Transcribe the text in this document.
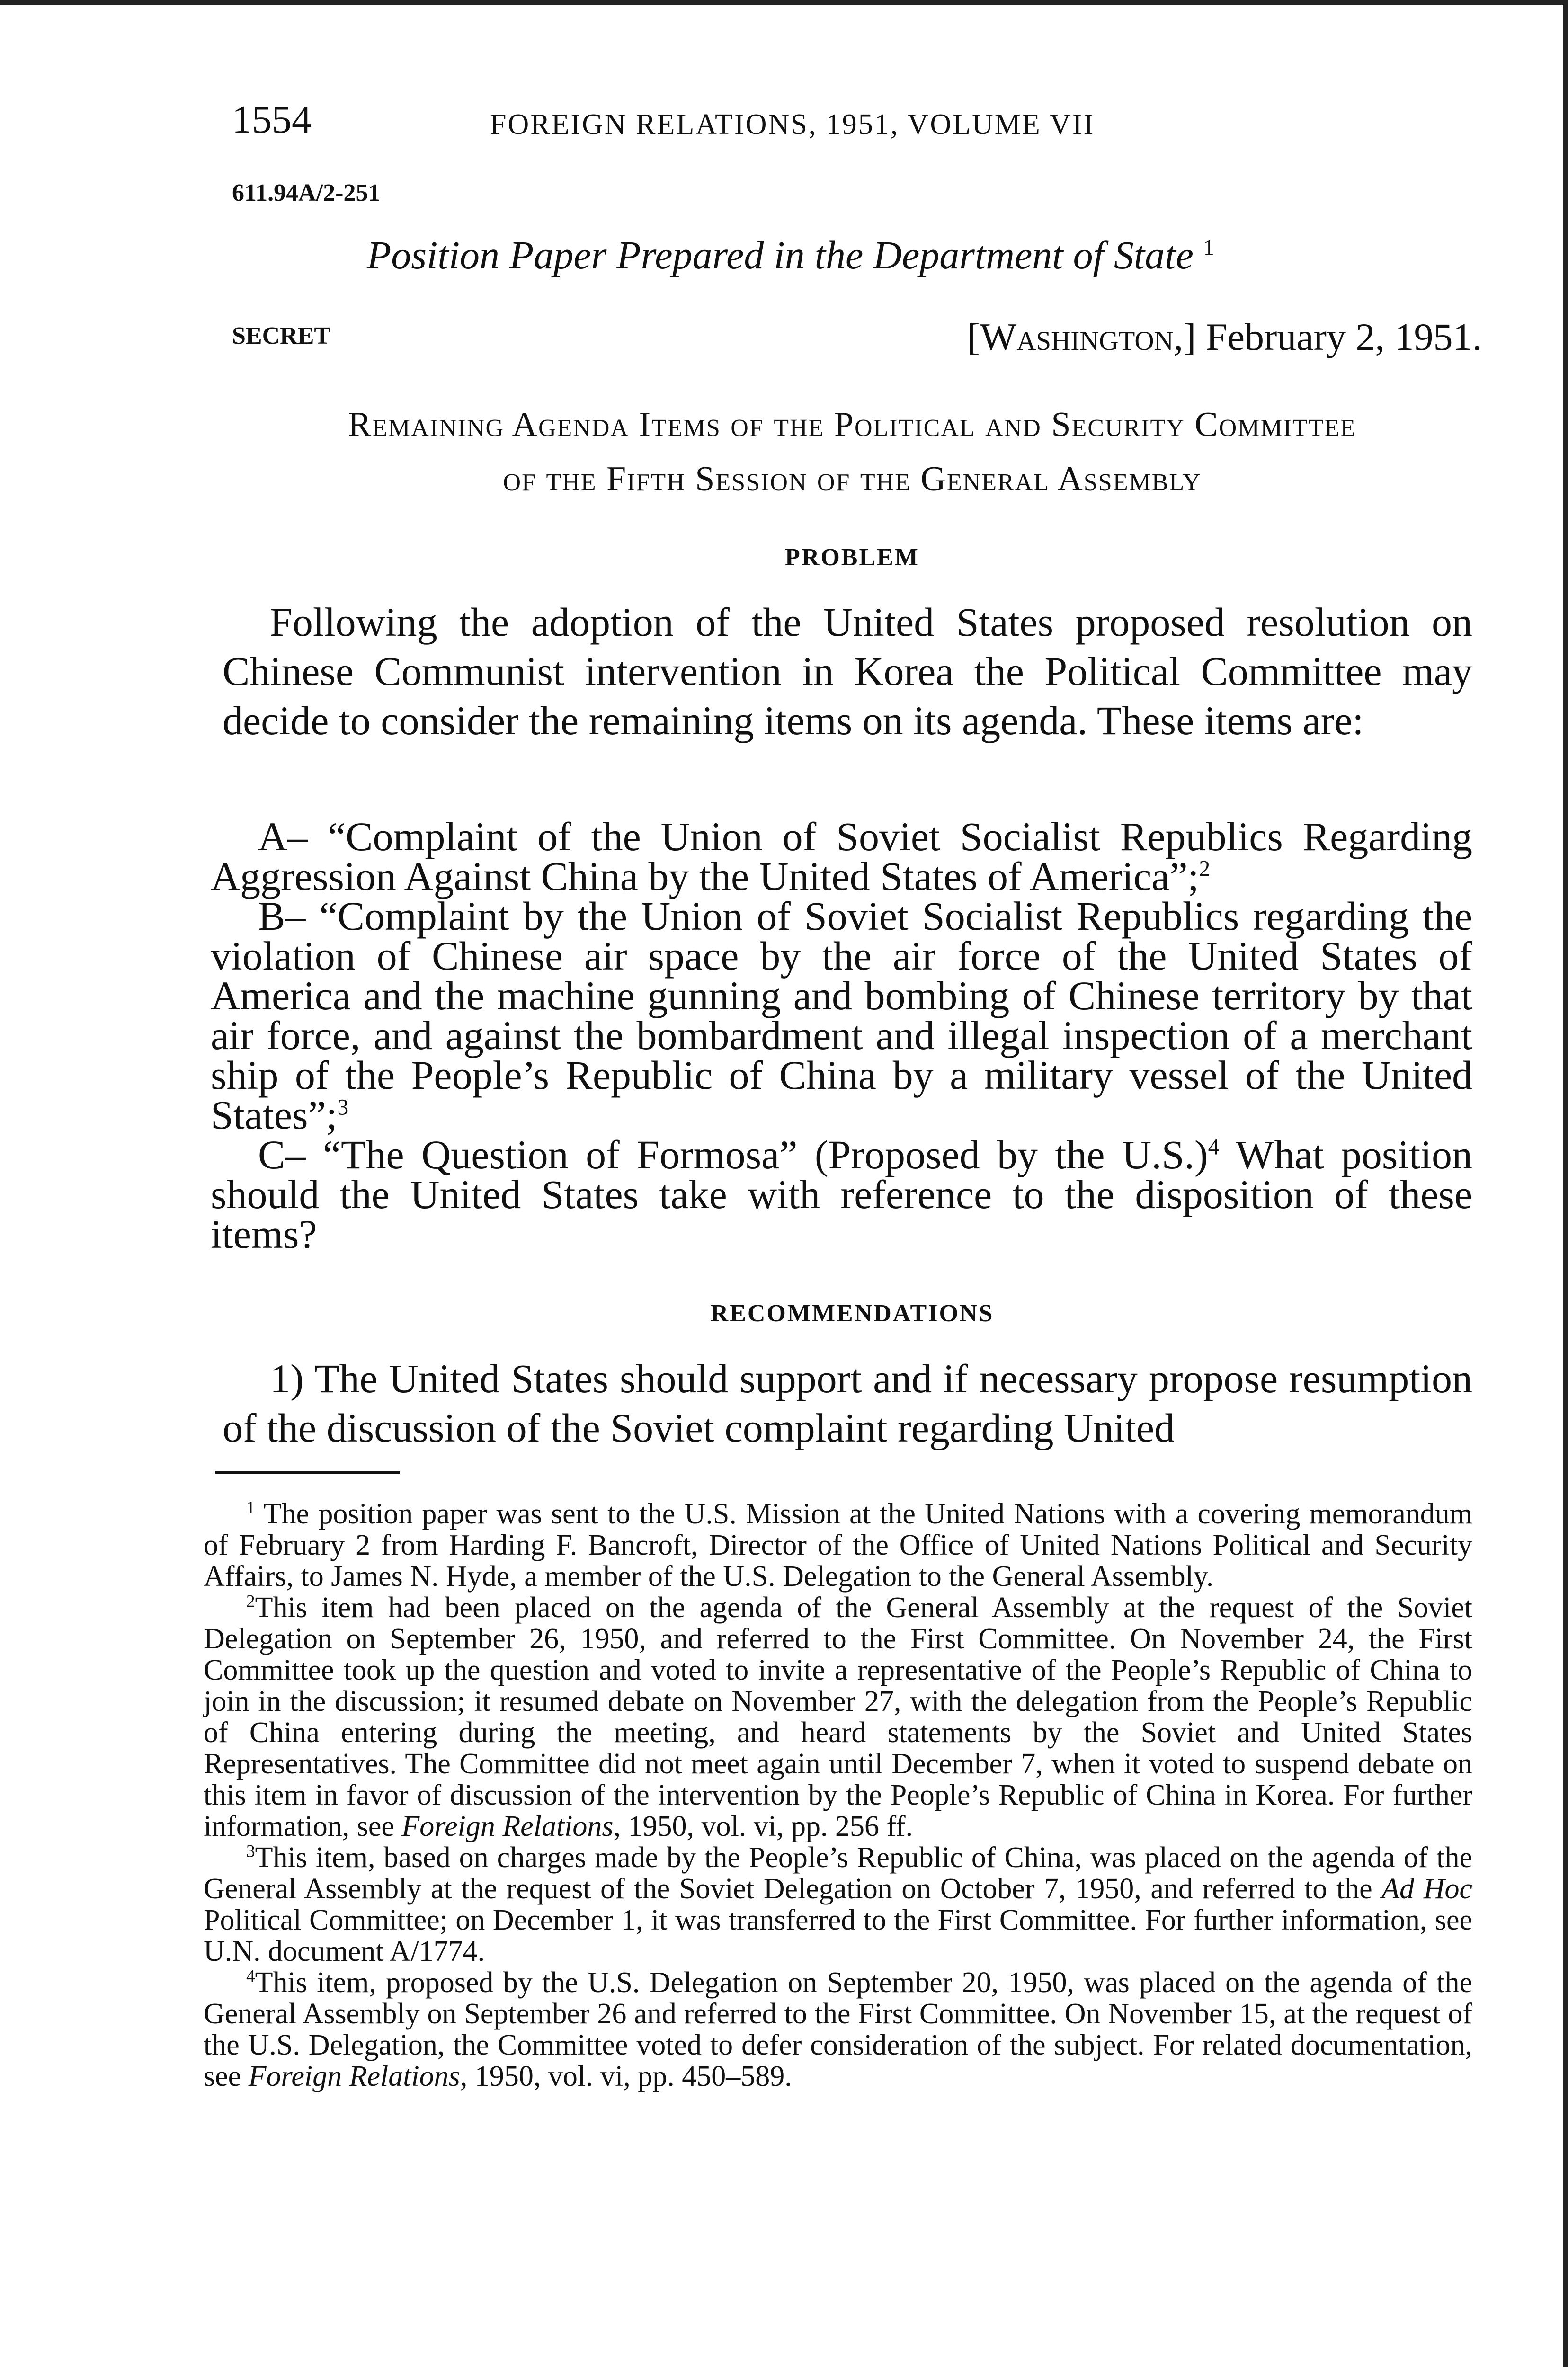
1554	FOREIGN RELATIONS, 1951, VOLUME VII
611.94A/2-251
Position Paper Prepared in the Department of State $^1$
SECRET	[Washington,] February 2, 1951.
Remaining Agenda Items of the Political and Security Committee
of the Fifth Session of the General Assembly
PROBLEM
Following the adoption of the United States proposed resolution on Chinese Communist intervention in Korea the Political Committee may decide to consider the remaining items on its agenda. These items are:

A– “Complaint of the Union of Soviet Socialist Republics Regarding Aggression Against China by the United States of America”;$^2$

B– “Complaint by the Union of Soviet Socialist Republics regarding the violation of Chinese air space by the air force of the United States of America and the machine gunning and bombing of Chinese territory by that air force, and against the bombardment and illegal inspection of a merchant ship of the People’s Republic of China by a military vessel of the United States”;$^3$

C– “The Question of Formosa” (Proposed by the U.S.)$^4$ What position should the United States take with reference to the disposition of these items?

RECOMMENDATIONS
1) The United States should support and if necessary propose resumption of the discussion of the Soviet complaint regarding United

$^1$ The position paper was sent to the U.S. Mission at the United Nations with a covering memorandum of February 2 from Harding F. Bancroft, Director of the Office of United Nations Political and Security Affairs, to James N. Hyde, a member of the U.S. Delegation to the General Assembly.

$^2$This item had been placed on the agenda of the General Assembly at the request of the Soviet Delegation on September 26, 1950, and referred to the First Committee. On November 24, the First Committee took up the question and voted to invite a representative of the People’s Republic of China to join in the discussion; it resumed debate on November 27, with the delegation from the People’s Republic of China entering during the meeting, and heard statements by the Soviet and United States Representatives. The Committee did not meet again until December 7, when it voted to suspend debate on this item in favor of discussion of the intervention by the People’s Republic of China in Korea. For further information, see Foreign Relations, 1950, vol. vi, pp. 256 ff.

$^3$This item, based on charges made by the People’s Republic of China, was placed on the agenda of the General Assembly at the request of the Soviet Delegation on October 7, 1950, and referred to the Ad Hoc Political Committee; on December 1, it was transferred to the First Committee. For further information, see U.N. document A/1774.

$^4$This item, proposed by the U.S. Delegation on September 20, 1950, was placed on the agenda of the General Assembly on September 26 and referred to the First Committee. On November 15, at the request of the U.S. Delegation, the Committee voted to defer consideration of the subject. For related documentation, see Foreign Relations, 1950, vol. vi, pp. 450–589.
